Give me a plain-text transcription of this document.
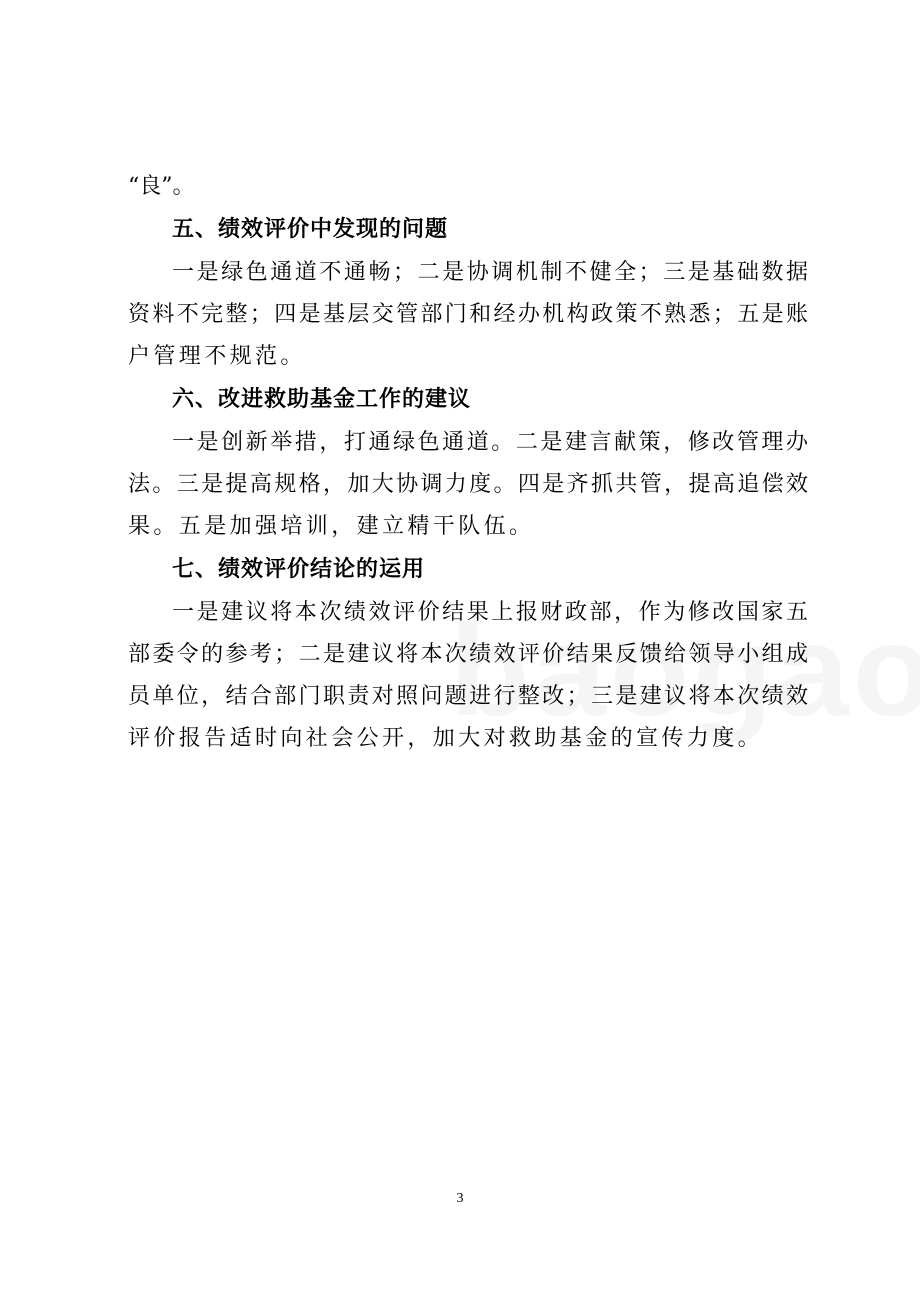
“良”。
五、绩效评价中发现的问题
一是绿色通道不通畅；二是协调机制不健全；三是基础数据
资料不完整；四是基层交管部门和经办机构政策不熟悉；五是账
户管理不规范。
六、改进救助基金工作的建议
一是创新举措，打通绿色通道。二是建言献策，修改管理办
法。三是提高规格，加大协调力度。四是齐抓共管，提高追偿效
果。五是加强培训，建立精干队伍。
七、绩效评价结论的运用
一是建议将本次绩效评价结果上报财政部，作为修改国家五
部委令的参考；二是建议将本次绩效评价结果反馈给领导小组成
员单位，结合部门职责对照问题进行整改；三是建议将本次绩效
评价报告适时向社会公开，加大对救助基金的宣传力度。
3
